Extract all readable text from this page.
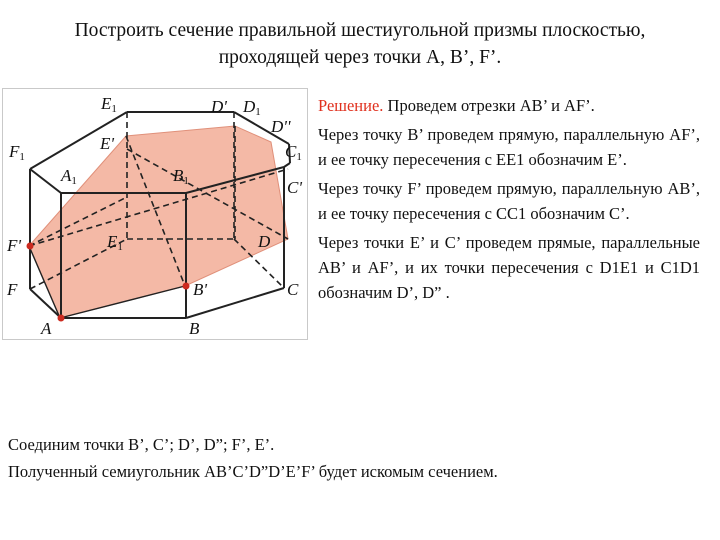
Построить сечение правильной шестиугольной призмы плоскостью,
проходящей через точки A, B’, F’.
E1	D' D1
D''
E'
F1	C1
A1	B1	C'
F'	E1	D
F	B'	C
A	B

Решение. Проведем отрезки AB’ и AF’.

Через точку B’ проведем прямую, параллельную AF’, и ее точку пересечения с EE1 обозначим E’.

Через точку F’ проведем прямую, параллельную AB’, и ее точку пересечения с CC1 обозначим C’.

Через точки E’ и C’ проведем прямые, параллельные AB’ и AF’, и их точки пересечения с D1E1 и C1D1 обозначим D’, D” .

Соединим точки B’, C’; D’, D”; F’, E’.

Полученный семиугольник AB’C’D”D’E’F’ будет искомым сечением.
